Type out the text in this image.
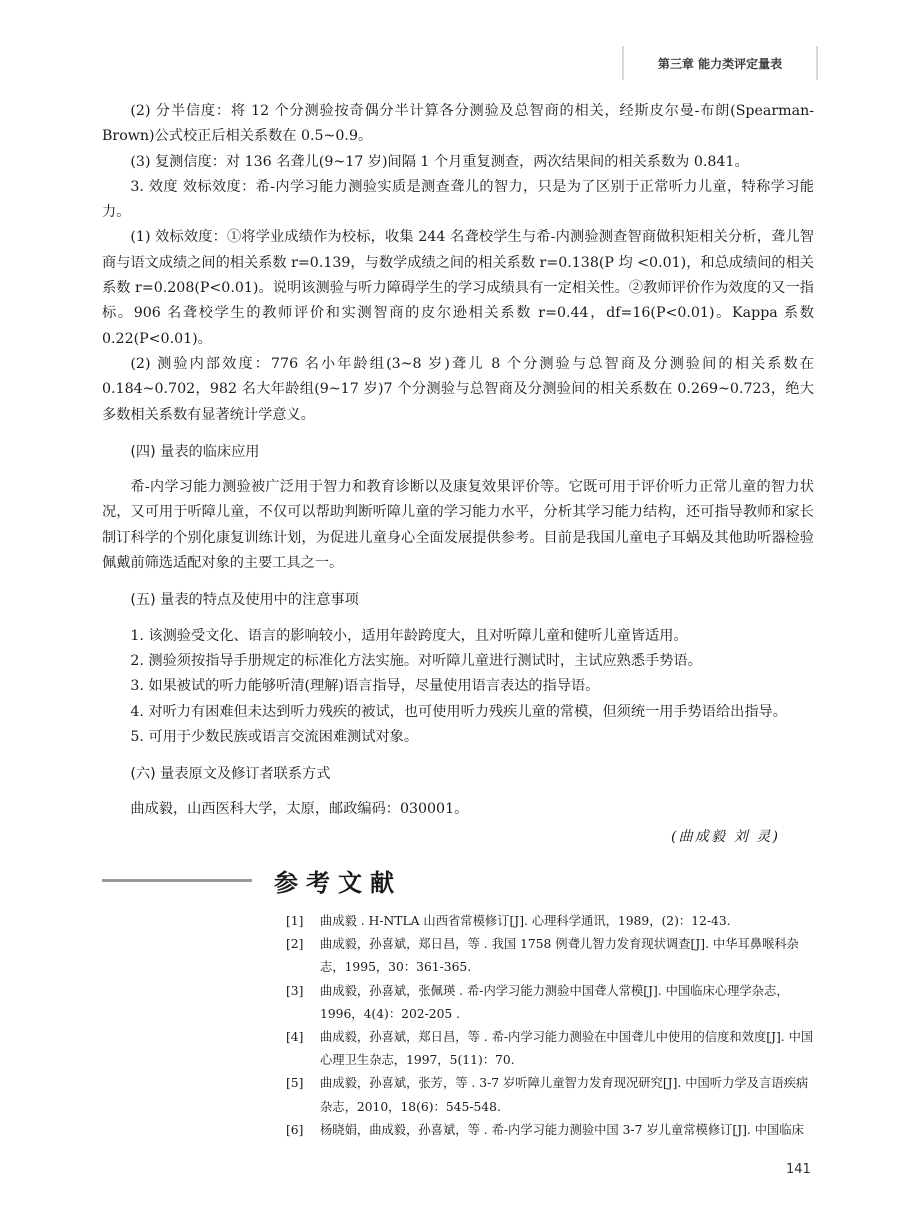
第三章 能力类评定量表

(2) 分半信度：将 12 个分测验按奇偶分半计算各分测验及总智商的相关，经斯皮尔曼-布朗(Spearman-Brown)公式校正后相关系数在 0.5~0.9。

(3) 复测信度：对 136 名聋儿(9~17 岁)间隔 1 个月重复测查，两次结果间的相关系数为 0.841。

3. 效度 效标效度：希-内学习能力测验实质是测查聋儿的智力，只是为了区别于正常听力儿童，特称学习能力。

(1) 效标效度：①将学业成绩作为校标，收集 244 名聋校学生与希-内测验测查智商做积矩相关分析，聋儿智商与语文成绩之间的相关系数 r=0.139，与数学成绩之间的相关系数 r=0.138(P 均 <0.01)，和总成绩间的相关系数 r=0.208(P<0.01)。说明该测验与听力障碍学生的学习成绩具有一定相关性。②教师评价作为效度的又一指标。906 名聋校学生的教师评价和实测智商的皮尔逊相关系数 r=0.44，df=16(P<0.01)。Kappa 系数 0.22(P<0.01)。

(2) 测验内部效度：776 名小年龄组(3~8 岁)聋儿 8 个分测验与总智商及分测验间的相关系数在 0.184~0.702，982 名大年龄组(9~17 岁)7 个分测验与总智商及分测验间的相关系数在 0.269~0.723，绝大多数相关系数有显著统计学意义。

(四) 量表的临床应用

希-内学习能力测验被广泛用于智力和教育诊断以及康复效果评价等。它既可用于评价听力正常儿童的智力状况，又可用于听障儿童，不仅可以帮助判断听障儿童的学习能力水平，分析其学习能力结构，还可指导教师和家长制订科学的个别化康复训练计划，为促进儿童身心全面发展提供参考。目前是我国儿童电子耳蜗及其他助听器检验佩戴前筛选适配对象的主要工具之一。

(五) 量表的特点及使用中的注意事项

1. 该测验受文化、语言的影响较小，适用年龄跨度大，且对听障儿童和健听儿童皆适用。

2. 测验须按指导手册规定的标准化方法实施。对听障儿童进行测试时，主试应熟悉手势语。

3. 如果被试的听力能够听清(理解)语言指导，尽量使用语言表达的指导语。

4. 对听力有困难但未达到听力残疾的被试，也可使用听力残疾儿童的常模，但须统一用手势语给出指导。

5. 可用于少数民族或语言交流困难测试对象。

(六) 量表原文及修订者联系方式

曲成毅，山西医科大学，太原，邮政编码：030001。

(曲成毅 刘 灵)
参考文献
[1]	曲成毅 . H-NTLA 山西省常模修订[J]. 心理科学通讯，1989，(2)：12-43.
[2]	曲成毅，孙喜斌，郑日昌，等 . 我国 1758 例聋儿智力发育现状调查[J]. 中华耳鼻喉科杂志，1995，30：361-365.
[3]	曲成毅，孙喜斌，张佩瑛 . 希-内学习能力测验中国聋人常模[J]. 中国临床心理学杂志，1996，4(4)：202-205 .
[4]	曲成毅，孙喜斌，郑日昌，等 . 希-内学习能力测验在中国聋儿中使用的信度和效度[J]. 中国心理卫生杂志，1997，5(11)：70.
[5]	曲成毅，孙喜斌，张芳，等 . 3-7 岁听障儿童智力发育现况研究[J]. 中国听力学及言语疾病杂志，2010，18(6)：545-548.
[6]	杨晓娟，曲成毅，孙喜斌，等 . 希-内学习能力测验中国 3-7 岁儿童常模修订[J]. 中国临床
141
